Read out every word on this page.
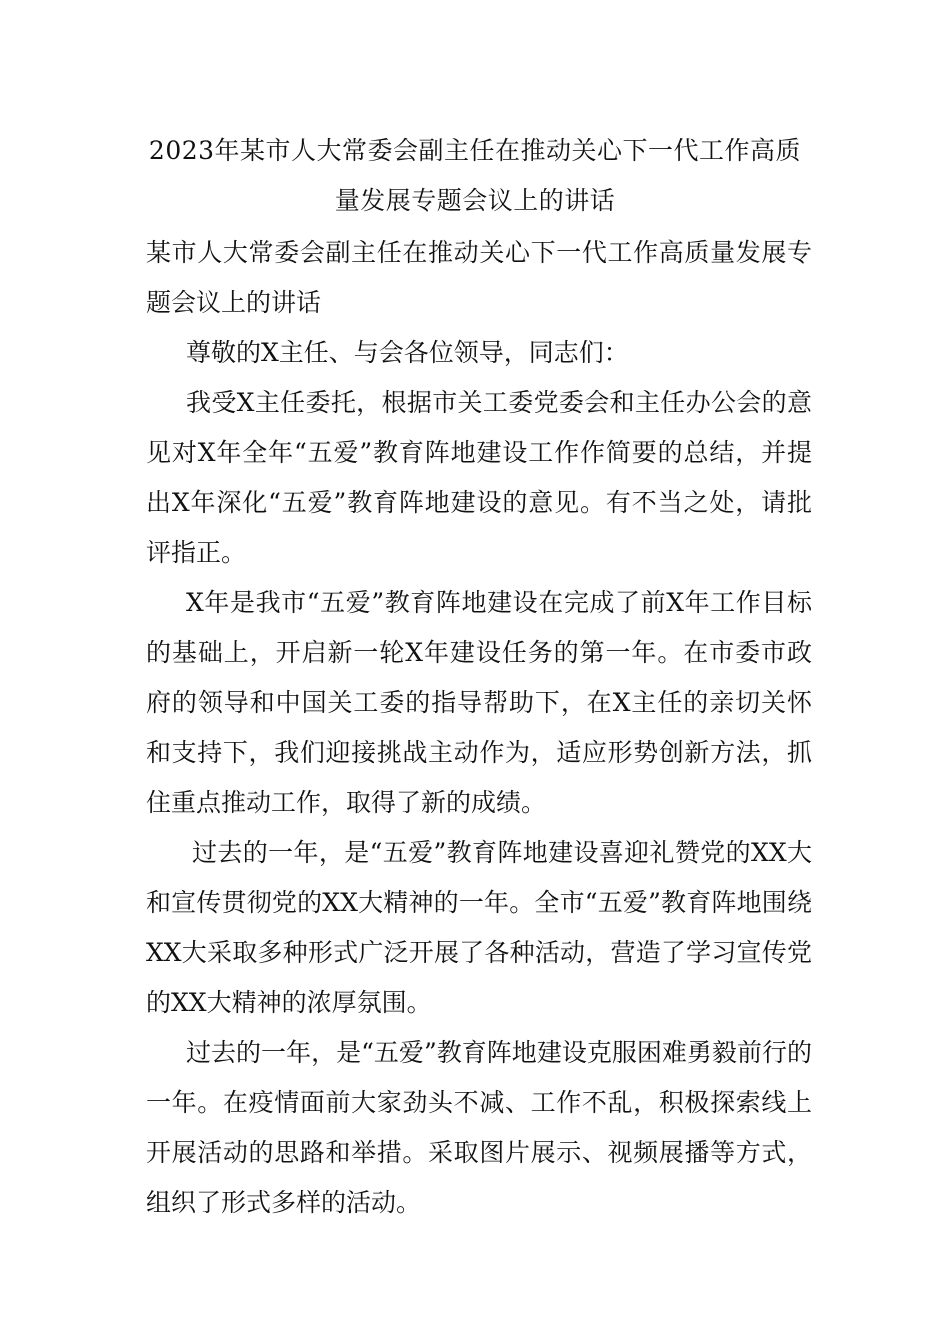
2023年某市人大常委会副主任在推动关心下一代工作高质
量发展专题会议上的讲话

某市人大常委会副主任在推动关心下一代工作高质量发展专题会议上的讲话

尊敬的X主任、与会各位领导，同志们：

我受X主任委托，根据市关工委党委会和主任办公会的意见对X年全年“五爱”教育阵地建设工作作简要的总结，并提出X年深化“五爱”教育阵地建设的意见。有不当之处，请批评指正。

X年是我市“五爱”教育阵地建设在完成了前X年工作目标的基础上，开启新一轮X年建设任务的第一年。在市委市政府的领导和中国关工委的指导帮助下，在X主任的亲切关怀和支持下，我们迎接挑战主动作为，适应形势创新方法，抓住重点推动工作，取得了新的成绩。

过去的一年，是“五爱”教育阵地建设喜迎礼赞党的XX大和宣传贯彻党的XX大精神的一年。全市“五爱”教育阵地围绕XX大采取多种形式广泛开展了各种活动，营造了学习宣传党的XX大精神的浓厚氛围。

过去的一年，是“五爱”教育阵地建设克服困难勇毅前行的一年。在疫情面前大家劲头不减、工作不乱，积极探索线上开展活动的思路和举措。采取图片展示、视频展播等方式，组织了形式多样的活动。
